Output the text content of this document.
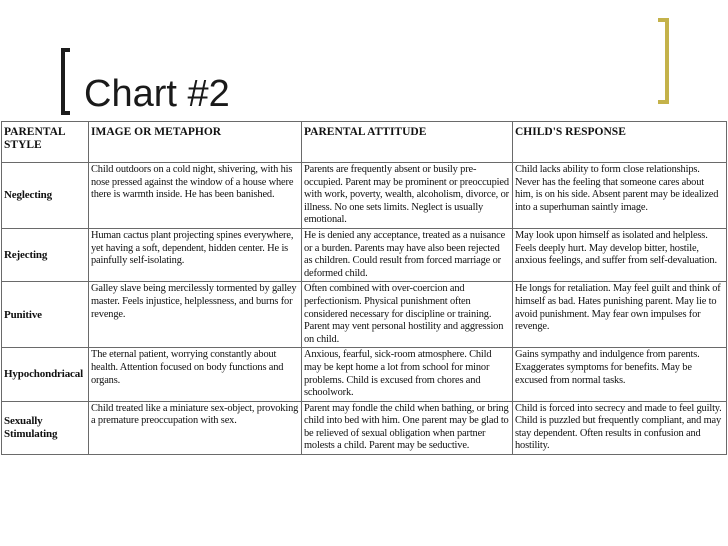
Chart #2
PARENTAL STYLE	IMAGE OR METAPHOR	PARENTAL ATTITUDE	CHILD'S RESPONSE
Neglecting	Child outdoors on a cold night, shivering, with his nose pressed against the window of a house where there is warmth inside. He has been banished.	Parents are frequently absent or busily pre-occupied. Parent may be prominent or preoccupied with work, poverty, wealth, alcoholism, divorce, or illness. No one sets limits. Neglect is usually emotional.	Child lacks ability to form close relationships. Never has the feeling that someone cares about him, is on his side. Absent parent may be idealized into a superhuman saintly image.
Rejecting	Human cactus plant projecting spines everywhere, yet having a soft, dependent, hidden center. He is painfully self-isolating.	He is denied any acceptance, treated as a nuisance or a burden. Parents may have also been rejected as children. Could result from forced marriage or deformed child.	May look upon himself as isolated and helpless. Feels deeply hurt. May develop bitter, hostile, anxious feelings, and suffer from self-devaluation.
Punitive	Galley slave being mercilessly tormented by galley master. Feels injustice, helplessness, and burns for revenge.	Often combined with over-coercion and perfectionism. Physical punishment often considered necessary for discipline or training. Parent may vent personal hostility and aggression on child.	He longs for retaliation. May feel guilt and think of himself as bad. Hates punishing parent. May lie to avoid punishment. May fear own impulses for revenge.
Hypochondriacal	The eternal patient, worrying constantly about health. Attention focused on body functions and organs.	Anxious, fearful, sick-room atmosphere. Child may be kept home a lot from school for minor problems. Child is excused from chores and schoolwork.	Gains sympathy and indulgence from parents. Exaggerates symptoms for benefits. May be excused from normal tasks.
Sexually Stimulating	Child treated like a miniature sex-object, provoking a premature preoccupation with sex.	Parent may fondle the child when bathing, or bring child into bed with him. One parent may be glad to be relieved of sexual obligation when partner molests a child. Parent may be seductive.	Child is forced into secrecy and made to feel guilty. Child is puzzled but frequently compliant, and may stay dependent. Often results in confusion and hostility.
